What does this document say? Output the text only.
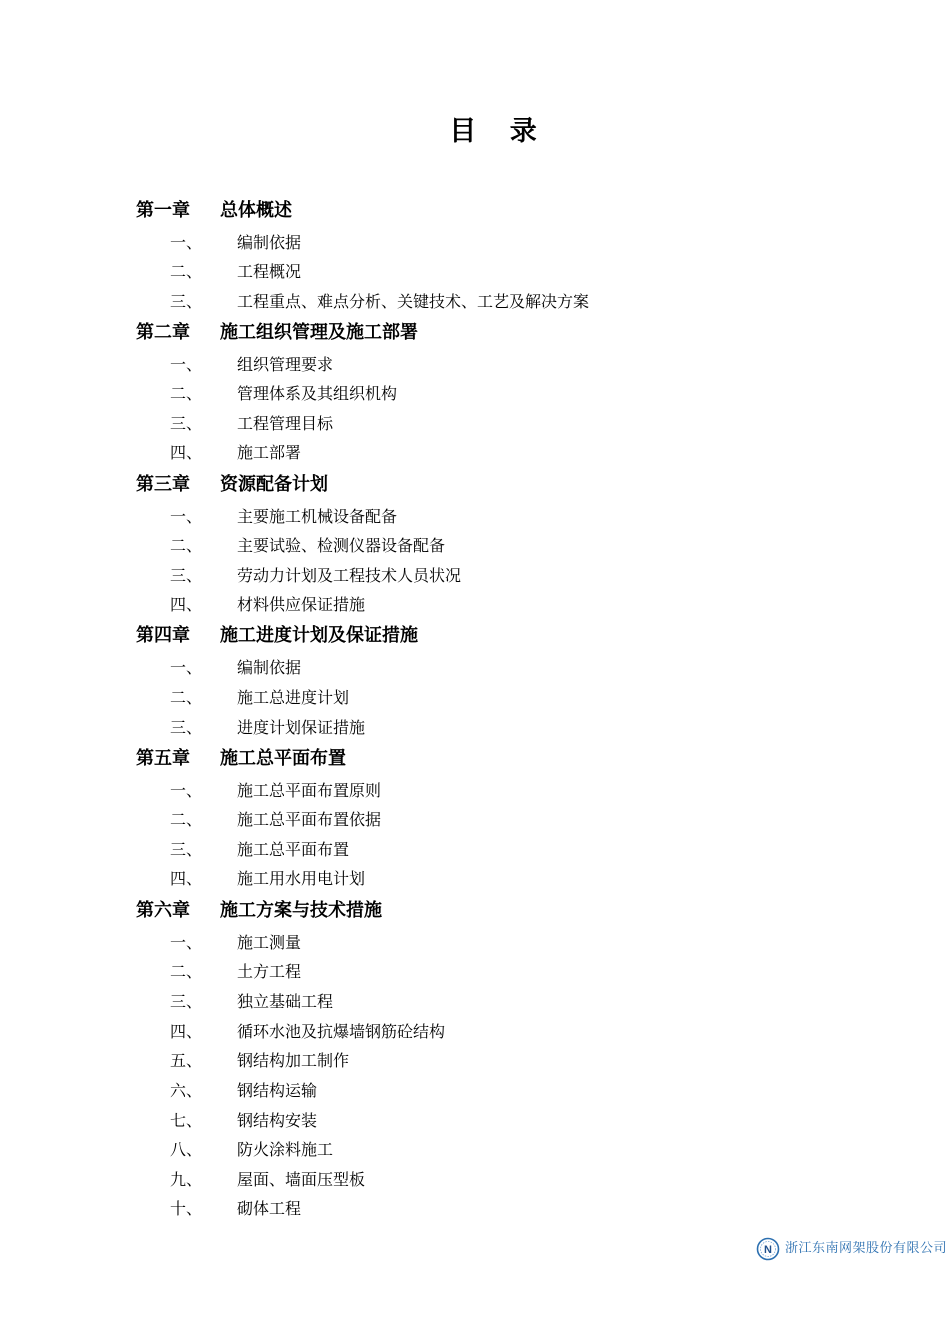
目 录
第一章 总体概述
一、 编制依据
二、 工程概况
三、 工程重点、难点分析、关键技术、工艺及解决方案
第二章 施工组织管理及施工部署
一、 组织管理要求
二、 管理体系及其组织机构
三、 工程管理目标
四、 施工部署
第三章 资源配备计划
一、 主要施工机械设备配备
二、 主要试验、检测仪器设备配备
三、 劳动力计划及工程技术人员状况
四、 材料供应保证措施
第四章 施工进度计划及保证措施
一、 编制依据
二、 施工总进度计划
三、 进度计划保证措施
第五章 施工总平面布置
一、 施工总平面布置原则
二、 施工总平面布置依据
三、 施工总平面布置
四、 施工用水用电计划
第六章 施工方案与技术措施
一、 施工测量
二、 土方工程
三、 独立基础工程
四、 循环水池及抗爆墙钢筋砼结构
五、 钢结构加工制作
六、 钢结构运输
七、 钢结构安装
八、 防火涂料施工
九、 屋面、墙面压型板
十、 砌体工程
N 浙江东南网架股份有限公司
